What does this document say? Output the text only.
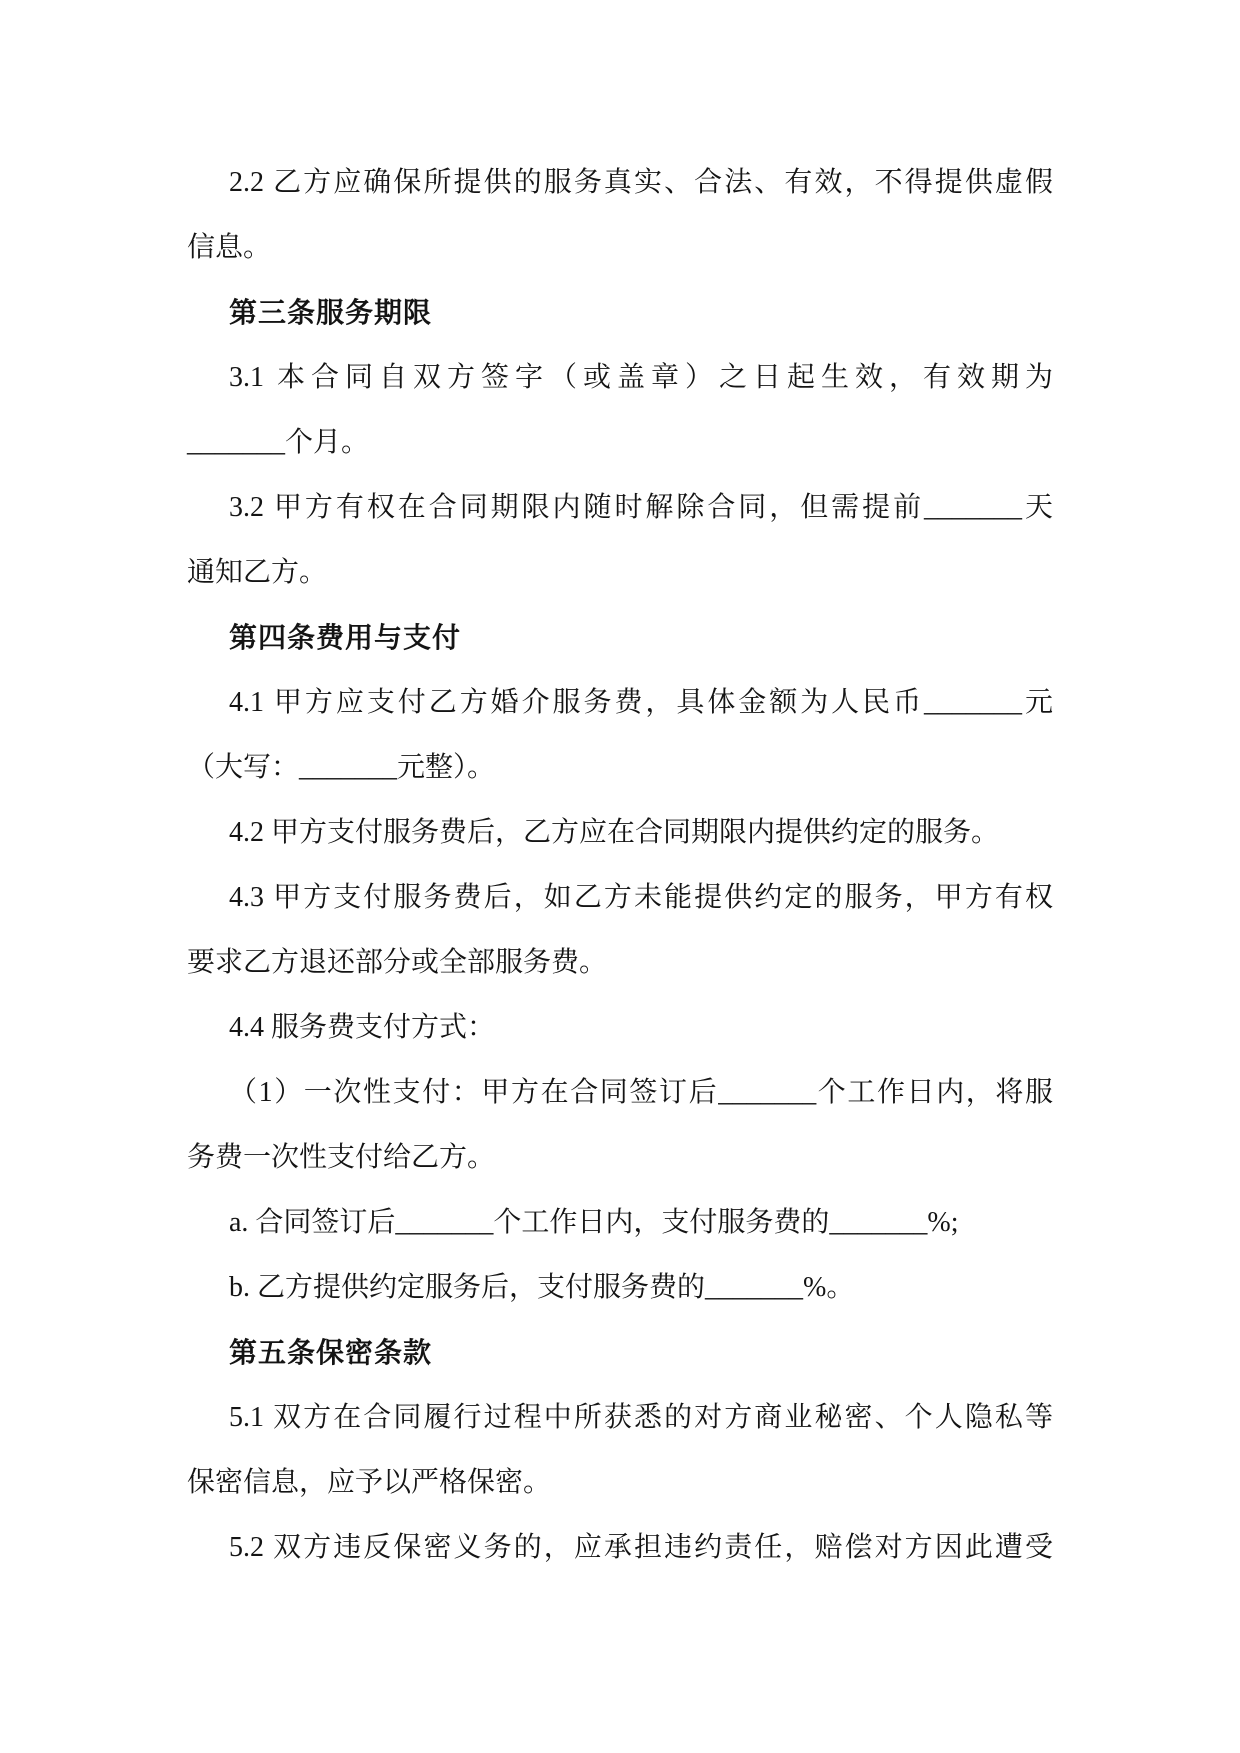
2.2 乙方应确保所提供的服务真实、合法、有效，不得提供虚假

信息。

第三条服务期限

3.1 本合同自双方签字（或盖章）之日起生效，有效期为

_______个月。

3.2 甲方有权在合同期限内随时解除合同，但需提前_______天

通知乙方。

第四条费用与支付

4.1 甲方应支付乙方婚介服务费，具体金额为人民币_______元

（大写：_______元整）。

4.2 甲方支付服务费后，乙方应在合同期限内提供约定的服务。

4.3 甲方支付服务费后，如乙方未能提供约定的服务，甲方有权

要求乙方退还部分或全部服务费。

4.4 服务费支付方式：

（1）一次性支付：甲方在合同签订后_______个工作日内，将服

务费一次性支付给乙方。

a. 合同签订后_______个工作日内，支付服务费的_______%;

b. 乙方提供约定服务后，支付服务费的_______%。

第五条保密条款

5.1 双方在合同履行过程中所获悉的对方商业秘密、个人隐私等

保密信息，应予以严格保密。

5.2 双方违反保密义务的，应承担违约责任，赔偿对方因此遭受
